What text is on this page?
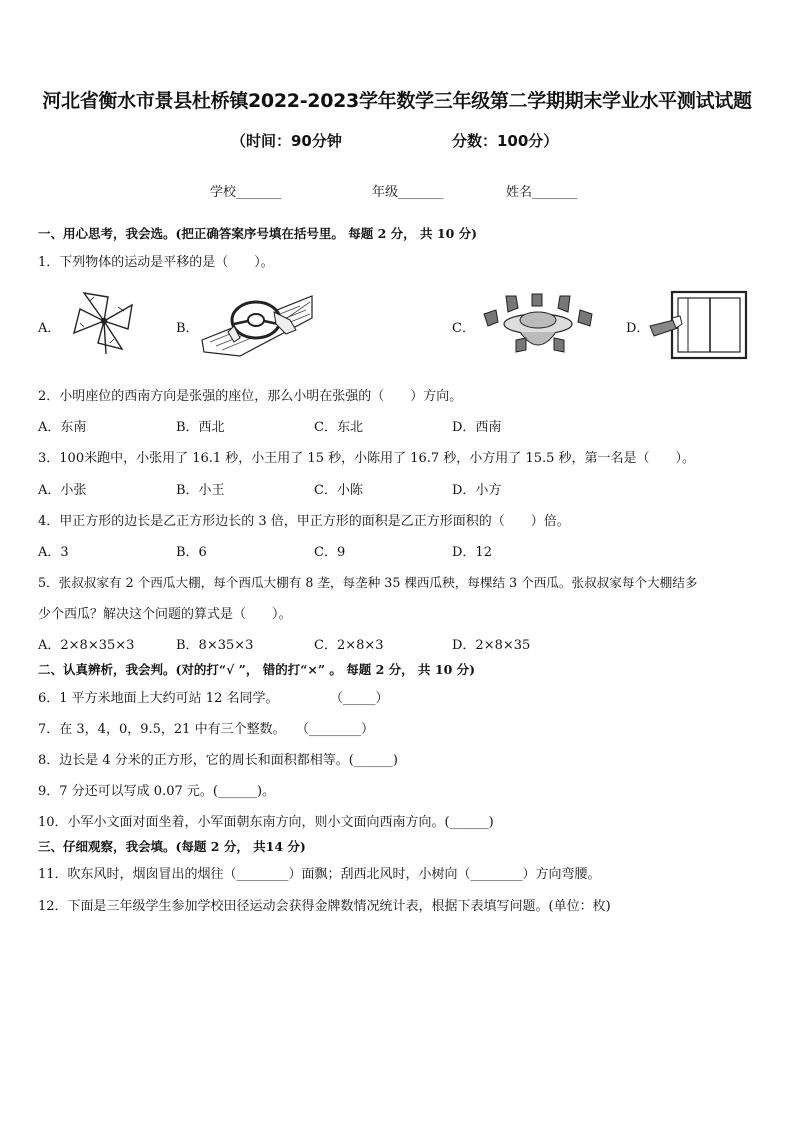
河北省衡水市景县杜桥镇2022-2023学年数学三年级第二学期期末学业水平测试试题
（时间：90分钟	分数：100分）
学校_______	年级_______	姓名_______
一、用心思考，我会选。(把正确答案序号填在括号里。 每题 2 分， 共 10 分)
1．下列物体的运动是平移的是（　　）。
A．	B．	C．	D．
2．小明座位的西南方向是张强的座位，那么小明在张强的（　　）方向。
A．东南	B．西北	C．东北	D．西南
3．100米跑中，小张用了 16.1 秒，小王用了 15 秒，小陈用了 16.7 秒，小方用了 15.5 秒，第一名是（　　）。
A．小张	B．小王	C．小陈	D．小方
4．甲正方形的边长是乙正方形边长的 3 倍，甲正方形的面积是乙正方形面积的（　　）倍。
A．3	B．6	C．9	D．12
5．张叔叔家有 2 个西瓜大棚，每个西瓜大棚有 8 垄，每垄种 35 棵西瓜秧，每棵结 3 个西瓜。张叔叔家每个大棚结多
少个西瓜？解决这个问题的算式是（　　）。
A．2×8×35×3	B．8×35×3	C．2×8×3	D．2×8×35
二、认真辨析，我会判。(对的打“√ ”， 错的打“×” 。 每题 2 分， 共 10 分)
6．1 平方米地面上大约可站 12 名同学。	（_____）
7．在 3，4，0，9.5，21 中有三个整数。 （________）
8．边长是 4 分米的正方形，它的周长和面积都相等。(______)
9．7 分还可以写成 0.07 元。(______)。
10．小军小文面对面坐着，小军面朝东南方向，则小文面向西南方向。(______)
三、仔细观察，我会填。(每题 2 分， 共14 分)
11．吹东风时，烟囱冒出的烟往（________）面飘；刮西北风时，小树向（________）方向弯腰。
12．下面是三年级学生参加学校田径运动会获得金牌数情况统计表，根据下表填写问题。(单位：枚)
